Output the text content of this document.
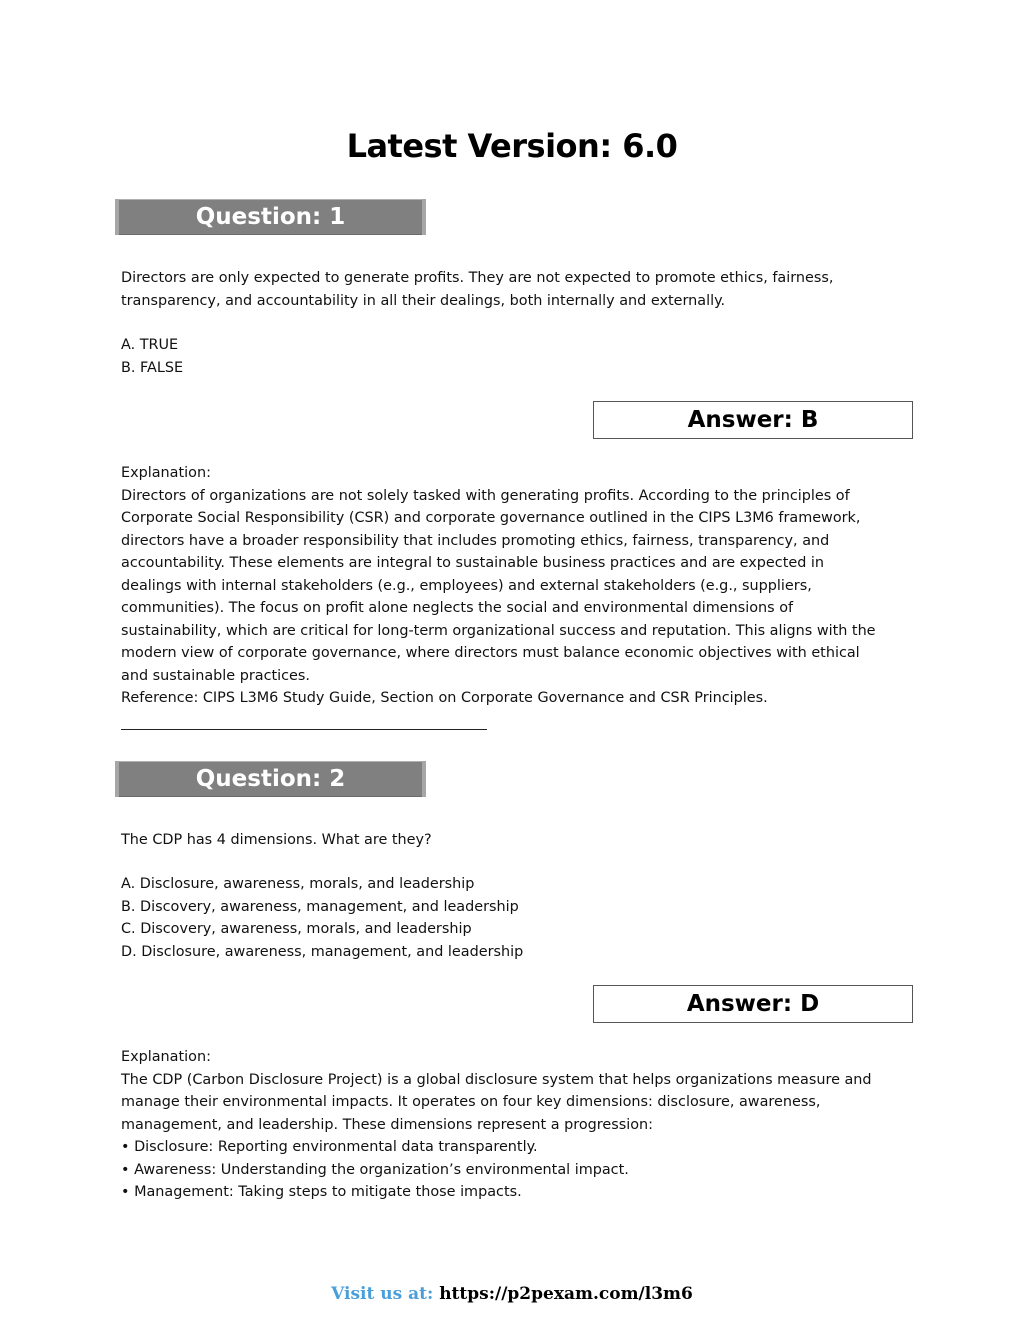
Latest Version: 6.0
Question: 1
Directors are only expected to generate profits. They are not expected to promote ethics, fairness,
transparency, and accountability in all their dealings, both internally and externally.
A. TRUE
B. FALSE
Answer: B
Explanation:
Directors of organizations are not solely tasked with generating profits. According to the principles of
Corporate Social Responsibility (CSR) and corporate governance outlined in the CIPS L3M6 framework,
directors have a broader responsibility that includes promoting ethics, fairness, transparency, and
accountability. These elements are integral to sustainable business practices and are expected in
dealings with internal stakeholders (e.g., employees) and external stakeholders (e.g., suppliers,
communities). The focus on profit alone neglects the social and environmental dimensions of
sustainability, which are critical for long-term organizational success and reputation. This aligns with the
modern view of corporate governance, where directors must balance economic objectives with ethical
and sustainable practices.
Reference: CIPS L3M6 Study Guide, Section on Corporate Governance and CSR Principles.
Question: 2
The CDP has 4 dimensions. What are they?
A. Disclosure, awareness, morals, and leadership
B. Discovery, awareness, management, and leadership
C. Discovery, awareness, morals, and leadership
D. Disclosure, awareness, management, and leadership
Answer: D
Explanation:
The CDP (Carbon Disclosure Project) is a global disclosure system that helps organizations measure and
manage their environmental impacts. It operates on four key dimensions: disclosure, awareness,
management, and leadership. These dimensions represent a progression:
• Disclosure: Reporting environmental data transparently.
• Awareness: Understanding the organization’s environmental impact.
• Management: Taking steps to mitigate those impacts.
Visit us at: https://p2pexam.com/l3m6
